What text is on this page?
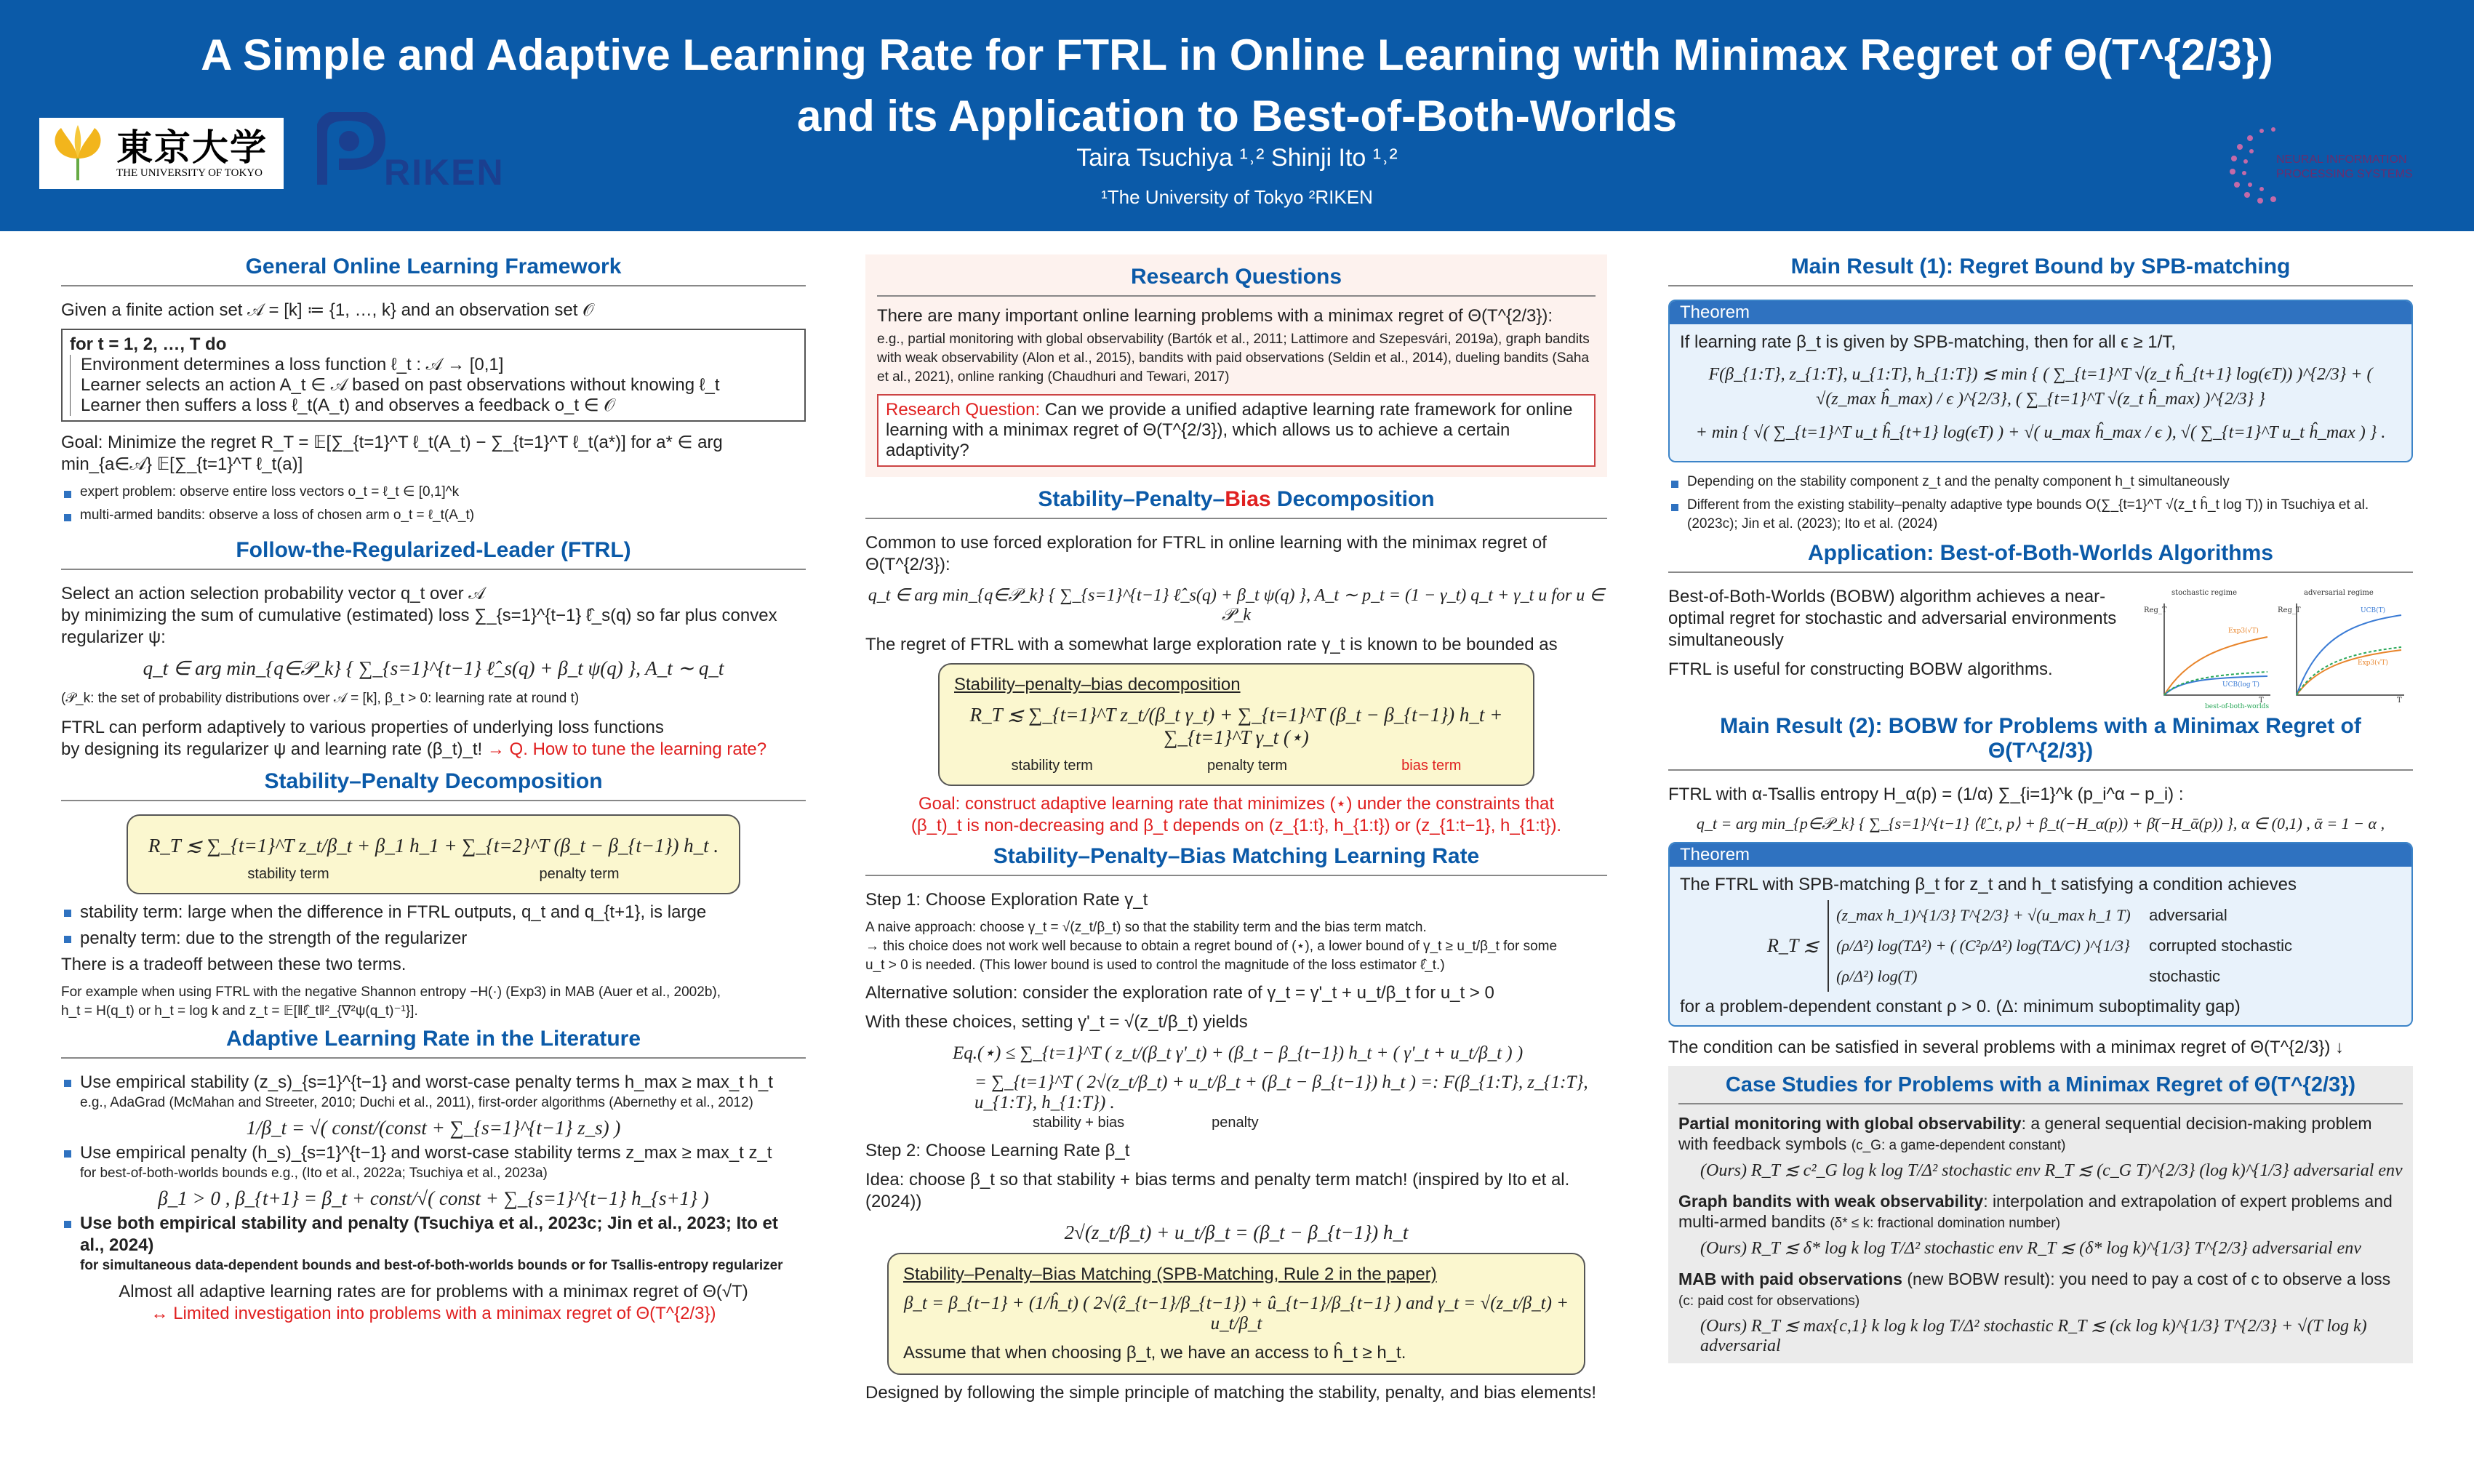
A Simple and Adaptive Learning Rate for FTRL in Online Learning with Minimax Regret of Θ(T^{2/3})
and its Application to Best-of-Both-Worlds
東京大学
THE UNIVERSITY OF TOKYO	RIKEN	Taira Tsuchiya ¹˒² Shinji Ito ¹˒²
¹The University of Tokyo ²RIKEN
NEURAL INFORMATION
PROCESSING SYSTEMS
General Online Learning Framework
Given a finite action set 𝒜 = [k] ≔ {1, …, k} and an observation set 𝒪
for t = 1, 2, …, T do
Environment determines a loss function ℓ_t : 𝒜 → [0,1]
Learner selects an action A_t ∈ 𝒜 based on past observations without knowing ℓ_t
Learner then suffers a loss ℓ_t(A_t) and observes a feedback o_t ∈ 𝒪
Goal: Minimize the regret R_T = 𝔼[∑_{t=1}^T ℓ_t(A_t) − ∑_{t=1}^T ℓ_t(a*)] for a* ∈ arg min_{a∈𝒜} 𝔼[∑_{t=1}^T ℓ_t(a)]
expert problem: observe entire loss vectors o_t = ℓ_t ∈ [0,1]^k
multi-armed bandits: observe a loss of chosen arm o_t = ℓ_t(A_t)
Follow-the-Regularized-Leader (FTRL)
Select an action selection probability vector q_t over 𝒜
by minimizing the sum of cumulative (estimated) loss ∑_{s=1}^{t−1} ℓ̂_s(q) so far plus convex regularizer ψ:
q_t ∈ arg min_{q∈𝒫_k} { ∑_{s=1}^{t−1} ℓ̂_s(q) + β_t ψ(q) }, A_t ∼ q_t
(𝒫_k: the set of probability distributions over 𝒜 = [k], β_t > 0: learning rate at round t)
FTRL can perform adaptively to various properties of underlying loss functions
by designing its regularizer ψ and learning rate (β_t)_t! → Q. How to tune the learning rate?
Stability–Penalty Decomposition
R_T ≲ ∑_{t=1}^T z_t/β_t + β_1 h_1 + ∑_{t=2}^T (β_t − β_{t−1}) h_t .
stability term	penalty term
stability term: large when the difference in FTRL outputs, q_t and q_{t+1}, is large
penalty term: due to the strength of the regularizer
There is a tradeoff between these two terms.
For example when using FTRL with the negative Shannon entropy −H(·) (Exp3) in MAB (Auer et al., 2002b),
h_t = H(q_t) or h_t = log k and z_t = 𝔼[‖ℓ̂_t‖²_{∇²ψ(q_t)⁻¹}].
Adaptive Learning Rate in the Literature
Use empirical stability (z_s)_{s=1}^{t−1} and worst-case penalty terms h_max ≥ max_t h_t
e.g., AdaGrad (McMahan and Streeter, 2010; Duchi et al., 2011), first-order algorithms (Abernethy et al., 2012)
1/β_t = √( const/(const + ∑_{s=1}^{t−1} z_s) )
Use empirical penalty (h_s)_{s=1}^{t−1} and worst-case stability terms z_max ≥ max_t z_t
for best-of-both-worlds bounds e.g., (Ito et al., 2022a; Tsuchiya et al., 2023a)
β_1 > 0 , β_{t+1} = β_t + const/√( const + ∑_{s=1}^{t−1} h_{s+1} )
Use both empirical stability and penalty (Tsuchiya et al., 2023c; Jin et al., 2023; Ito et al., 2024)
for simultaneous data-dependent bounds and best-of-both-worlds bounds or for Tsallis-entropy regularizer
Almost all adaptive learning rates are for problems with a minimax regret of Θ(√T)
↔ Limited investigation into problems with a minimax regret of Θ(T^{2/3})
Research Questions
There are many important online learning problems with a minimax regret of Θ(T^{2/3}):
e.g., partial monitoring with global observability (Bartók et al., 2011; Lattimore and Szepesvári, 2019a), graph bandits with weak observability (Alon et al., 2015), bandits with paid observations (Seldin et al., 2014), dueling bandits (Saha et al., 2021), online ranking (Chaudhuri and Tewari, 2017)
Research Question: Can we provide a unified adaptive learning rate framework for online learning with a minimax regret of Θ(T^{2/3}), which allows us to achieve a certain adaptivity?
Stability–Penalty–Bias Decomposition
Common to use forced exploration for FTRL in online learning with the minimax regret of Θ(T^{2/3}):
q_t ∈ arg min_{q∈𝒫_k} { ∑_{s=1}^{t−1} ℓ̂_s(q) + β_t ψ(q) }, A_t ∼ p_t = (1 − γ_t) q_t + γ_t u for u ∈ 𝒫_k
The regret of FTRL with a somewhat large exploration rate γ_t is known to be bounded as
Stability–penalty–bias decomposition
R_T ≲ ∑_{t=1}^T z_t/(β_t γ_t) + ∑_{t=1}^T (β_t − β_{t−1}) h_t + ∑_{t=1}^T γ_t (⋆)
stability term	penalty term	bias term
Goal: construct adaptive learning rate that minimizes (⋆) under the constraints that
(β_t)_t is non-decreasing and β_t depends on (z_{1:t}, h_{1:t}) or (z_{1:t−1}, h_{1:t}).
Stability–Penalty–Bias Matching Learning Rate
Step 1: Choose Exploration Rate γ_t
A naive approach: choose γ_t = √(z_t/β_t) so that the stability term and the bias term match.
→ this choice does not work well because to obtain a regret bound of (⋆), a lower bound of γ_t ≥ u_t/β_t for some
u_t > 0 is needed. (This lower bound is used to control the magnitude of the loss estimator ℓ̂_t.)
Alternative solution: consider the exploration rate of γ_t = γ'_t + u_t/β_t for u_t > 0
With these choices, setting γ'_t = √(z_t/β_t) yields
Eq.(⋆) ≤ ∑_{t=1}^T ( z_t/(β_t γ'_t) + (β_t − β_{t−1}) h_t + ( γ'_t + u_t/β_t ) )
= ∑_{t=1}^T ( 2√(z_t/β_t) + u_t/β_t + (β_t − β_{t−1}) h_t ) =: F(β_{1:T}, z_{1:T}, u_{1:T}, h_{1:T}) .
stability + bias	penalty
Step 2: Choose Learning Rate β_t
Idea: choose β_t so that stability + bias terms and penalty term match! (inspired by Ito et al. (2024))
2√(z_t/β_t) + u_t/β_t = (β_t − β_{t−1}) h_t
Stability–Penalty–Bias Matching (SPB-Matching, Rule 2 in the paper)
β_t = β_{t−1} + (1/ĥ_t) ( 2√(ẑ_{t−1}/β_{t−1}) + û_{t−1}/β_{t−1} ) and γ_t = √(z_t/β_t) + u_t/β_t
Assume that when choosing β_t, we have an access to ĥ_t ≥ h_t.
Designed by following the simple principle of matching the stability, penalty, and bias elements!
Main Result (1): Regret Bound by SPB-matching
Theorem
If learning rate β_t is given by SPB-matching, then for all ϵ ≥ 1/T,
F(β_{1:T}, z_{1:T}, u_{1:T}, h_{1:T}) ≲ min { ( ∑_{t=1}^T √(z_t ĥ_{t+1} log(ϵT)) )^{2/3} + ( √(z_max ĥ_max) / ϵ )^{2/3}, ( ∑_{t=1}^T √(z_t ĥ_max) )^{2/3} }
+ min { √( ∑_{t=1}^T u_t ĥ_{t+1} log(ϵT) ) + √( u_max ĥ_max / ϵ ), √( ∑_{t=1}^T u_t ĥ_max ) } .
Depending on the stability component z_t and the penalty component h_t simultaneously
Different from the existing stability–penalty adaptive type bounds O(∑_{t=1}^T √(z_t ĥ_t log T)) in Tsuchiya et al. (2023c); Jin et al. (2023); Ito et al. (2024)
Application: Best-of-Both-Worlds Algorithms
Best-of-Both-Worlds (BOBW) algorithm achieves a near-optimal regret for stochastic and adversarial environments simultaneously
FTRL is useful for constructing BOBW algorithms.
stochastic regime	adversarial regime
Reg_T	Reg_T
T	T
Exp3(√T)
UCB(log T)
best-of-both-worlds
UCB(T)
Exp3(√T)
Main Result (2): BOBW for Problems with a Minimax Regret of Θ(T^{2/3})
FTRL with α-Tsallis entropy H_α(p) = (1/α) ∑_{i=1}^k (p_i^α − p_i) :
q_t = arg min_{p∈𝒫_k} { ∑_{s=1}^{t−1} ⟨ℓ̂_t, p⟩ + β_t(−H_α(p)) + β̄(−H_ᾱ(p)) }, α ∈ (0,1) , ᾱ = 1 − α ,
Theorem
The FTRL with SPB-matching β_t for z_t and h_t satisfying a condition achieves
R_T ≲
(z_max h_1)^{1/3} T^{2/3} + √(u_max h_1 T)	adversarial
(ρ/Δ²) log(TΔ²) + ( (C²ρ/Δ²) log(TΔ/C) )^{1/3}	corrupted stochastic
(ρ/Δ²) log(T)	stochastic
for a problem-dependent constant ρ > 0. (Δ: minimum suboptimality gap)
The condition can be satisfied in several problems with a minimax regret of Θ(T^{2/3}) ↓
Case Studies for Problems with a Minimax Regret of Θ(T^{2/3})
Partial monitoring with global observability: a general sequential decision-making problem with feedback symbols (c_G: a game-dependent constant)
(Ours) R_T ≲ c²_G log k log T/Δ² stochastic env R_T ≲ (c_G T)^{2/3} (log k)^{1/3} adversarial env
Graph bandits with weak observability: interpolation and extrapolation of expert problems and multi-armed bandits (δ* ≤ k: fractional domination number)
(Ours) R_T ≲ δ* log k log T/Δ² stochastic env R_T ≲ (δ* log k)^{1/3} T^{2/3} adversarial env
MAB with paid observations (new BOBW result): you need to pay a cost of c to observe a loss (c: paid cost for observations)
(Ours) R_T ≲ max{c,1} k log k log T/Δ² stochastic R_T ≲ (ck log k)^{1/3} T^{2/3} + √(T log k) adversarial
